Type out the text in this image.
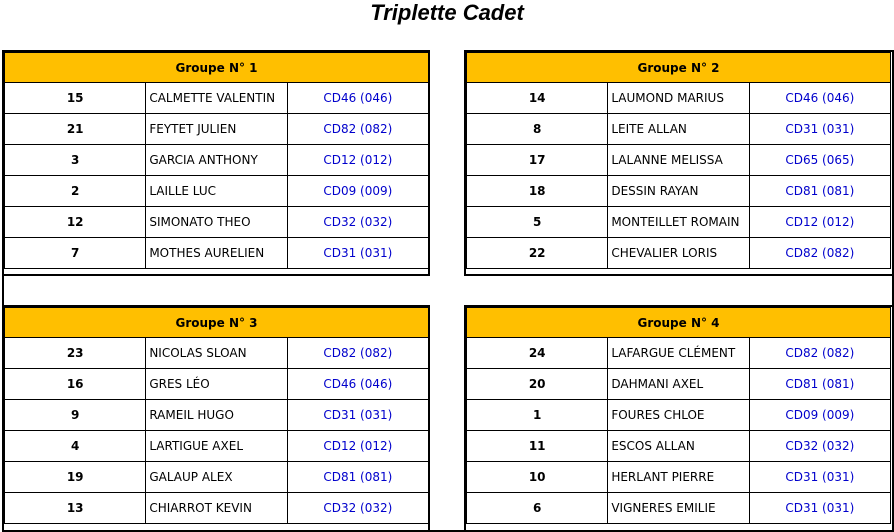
Triplette Cadet
Groupe N° 1		
15	CALMETTE VALENTIN	CD46 (046)
21	FEYTET JULIEN	CD82 (082)
3	GARCIA ANTHONY	CD12 (012)
2	LAILLE LUC	CD09 (009)
12	SIMONATO THEO	CD32 (032)
7	MOTHES AURELIEN	CD31 (031)
Groupe N° 2		
14	LAUMOND MARIUS	CD46 (046)
8	LEITE ALLAN	CD31 (031)
17	LALANNE MELISSA	CD65 (065)
18	DESSIN RAYAN	CD81 (081)
5	MONTEILLET ROMAIN	CD12 (012)
22	CHEVALIER LORIS	CD82 (082)
Groupe N° 3		
23	NICOLAS SLOAN	CD82 (082)
16	GRES LÉO	CD46 (046)
9	RAMEIL HUGO	CD31 (031)
4	LARTIGUE AXEL	CD12 (012)
19	GALAUP ALEX	CD81 (081)
13	CHIARROT KEVIN	CD32 (032)
Groupe N° 4		
24	LAFARGUE CLÉMENT	CD82 (082)
20	DAHMANI AXEL	CD81 (081)
1	FOURES CHLOE	CD09 (009)
11	ESCOS ALLAN	CD32 (032)
10	HERLANT PIERRE	CD31 (031)
6	VIGNERES EMILIE	CD31 (031)
